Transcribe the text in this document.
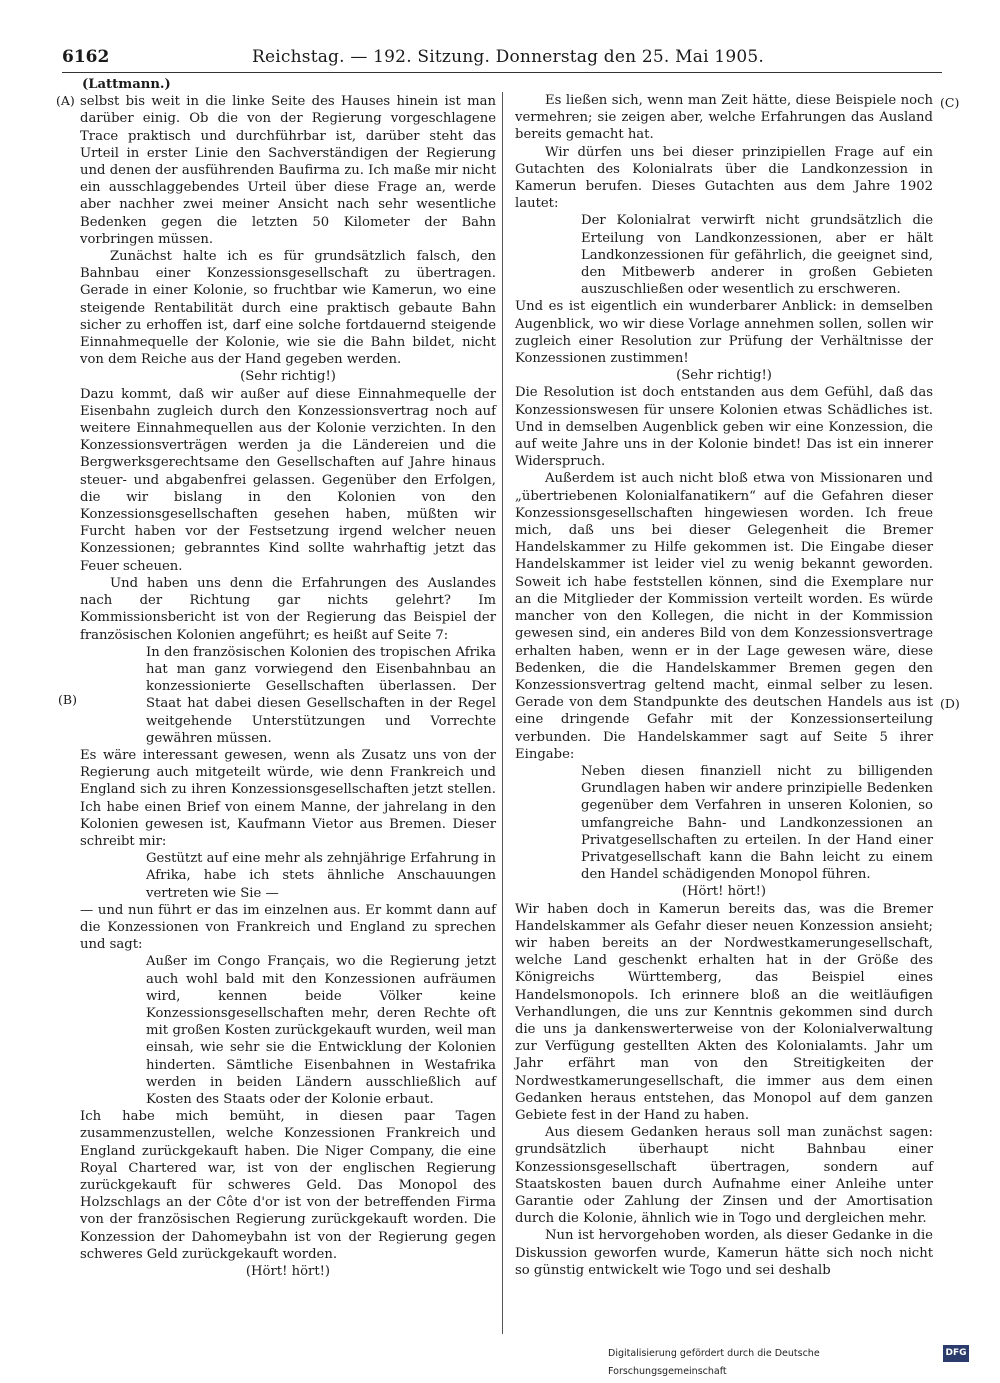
6162	Reichstag. — 192. Sitzung. Donnerstag den 25. Mai 1905.
(A)
(B)
(C)
(D)

(Lattmann.)

selbst bis weit in die linke Seite des Hauses hinein ist man darüber einig. Ob die von der Regierung vorgeschlagene Trace praktisch und durchführbar ist, darüber steht das Urteil in erster Linie den Sachverständigen der Regierung und denen der ausführenden Baufirma zu. Ich maße mir nicht ein ausschlaggebendes Urteil über diese Frage an, werde aber nachher zwei meiner Ansicht nach sehr wesentliche Bedenken gegen die letzten 50 Kilometer der Bahn vorbringen müssen.

Zunächst halte ich es für grundsätzlich falsch, den Bahnbau einer Konzessionsgesellschaft zu übertragen. Gerade in einer Kolonie, so fruchtbar wie Kamerun, wo eine steigende Rentabilität durch eine praktisch gebaute Bahn sicher zu erhoffen ist, darf eine solche fortdauernd steigende Einnahmequelle der Kolonie, wie sie die Bahn bildet, nicht von dem Reiche aus der Hand gegeben werden.

(Sehr richtig!)

Dazu kommt, daß wir außer auf diese Einnahmequelle der Eisenbahn zugleich durch den Konzessionsvertrag noch auf weitere Einnahmequellen aus der Kolonie verzichten. In den Konzessionsverträgen werden ja die Ländereien und die Bergwerksgerechtsame den Gesellschaften auf Jahre hinaus steuer- und abgabenfrei gelassen. Gegenüber den Erfolgen, die wir bislang in den Kolonien von den Konzessionsgesellschaften gesehen haben, müßten wir Furcht haben vor der Festsetzung irgend welcher neuen Konzessionen; gebranntes Kind sollte wahrhaftig jetzt das Feuer scheuen.

Und haben uns denn die Erfahrungen des Auslandes nach der Richtung gar nichts gelehrt? Im Kommissionsbericht ist von der Regierung das Beispiel der französischen Kolonien angeführt; es heißt auf Seite 7:

In den französischen Kolonien des tropischen Afrika hat man ganz vorwiegend den Eisenbahnbau an konzessionierte Gesellschaften überlassen. Der Staat hat dabei diesen Gesellschaften in der Regel weitgehende Unterstützungen und Vorrechte gewähren müssen.

Es wäre interessant gewesen, wenn als Zusatz uns von der Regierung auch mitgeteilt würde, wie denn Frankreich und England sich zu ihren Konzessionsgesellschaften jetzt stellen. Ich habe einen Brief von einem Manne, der jahrelang in den Kolonien gewesen ist, Kaufmann Vietor aus Bremen. Dieser schreibt mir:

Gestützt auf eine mehr als zehnjährige Erfahrung in Afrika, habe ich stets ähnliche Anschauungen vertreten wie Sie —

— und nun führt er das im einzelnen aus. Er kommt dann auf die Konzessionen von Frankreich und England zu sprechen und sagt:

Außer im Congo Français, wo die Regierung jetzt auch wohl bald mit den Konzessionen aufräumen wird, kennen beide Völker keine Konzessionsgesellschaften mehr, deren Rechte oft mit großen Kosten zurückgekauft wurden, weil man einsah, wie sehr sie die Entwicklung der Kolonien hinderten. Sämtliche Eisenbahnen in Westafrika werden in beiden Ländern ausschließlich auf Kosten des Staats oder der Kolonie erbaut.

Ich habe mich bemüht, in diesen paar Tagen zusammenzustellen, welche Konzessionen Frankreich und England zurückgekauft haben. Die Niger Company, die eine Royal Chartered war, ist von der englischen Regierung zurückgekauft für schweres Geld. Das Monopol des Holzschlags an der Côte d'or ist von der betreffenden Firma von der französischen Regierung zurückgekauft worden. Die Konzession der Dahomeybahn ist von der Regierung gegen schweres Geld zurückgekauft worden.

(Hört! hört!)

Es ließen sich, wenn man Zeit hätte, diese Beispiele noch vermehren; sie zeigen aber, welche Erfahrungen das Ausland bereits gemacht hat.

Wir dürfen uns bei dieser prinzipiellen Frage auf ein Gutachten des Kolonialrats über die Landkonzession in Kamerun berufen. Dieses Gutachten aus dem Jahre 1902 lautet:

Der Kolonialrat verwirft nicht grundsätzlich die Erteilung von Landkonzessionen, aber er hält Landkonzessionen für gefährlich, die geeignet sind, den Mitbewerb anderer in großen Gebieten auszuschließen oder wesentlich zu erschweren.

Und es ist eigentlich ein wunderbarer Anblick: in demselben Augenblick, wo wir diese Vorlage annehmen sollen, sollen wir zugleich einer Resolution zur Prüfung der Verhältnisse der Konzessionen zustimmen!

(Sehr richtig!)

Die Resolution ist doch entstanden aus dem Gefühl, daß das Konzessionswesen für unsere Kolonien etwas Schädliches ist. Und in demselben Augenblick geben wir eine Konzession, die auf weite Jahre uns in der Kolonie bindet! Das ist ein innerer Widerspruch.

Außerdem ist auch nicht bloß etwa von Missionaren und „übertriebenen Kolonialfanatikern“ auf die Gefahren dieser Konzessionsgesellschaften hingewiesen worden. Ich freue mich, daß uns bei dieser Gelegenheit die Bremer Handelskammer zu Hilfe gekommen ist. Die Eingabe dieser Handelskammer ist leider viel zu wenig bekannt geworden. Soweit ich habe feststellen können, sind die Exemplare nur an die Mitglieder der Kommission verteilt worden. Es würde mancher von den Kollegen, die nicht in der Kommission gewesen sind, ein anderes Bild von dem Konzessionsvertrage erhalten haben, wenn er in der Lage gewesen wäre, diese Bedenken, die die Handelskammer Bremen gegen den Konzessionsvertrag geltend macht, einmal selber zu lesen. Gerade von dem Standpunkte des deutschen Handels aus ist eine dringende Gefahr mit der Konzessionserteilung verbunden. Die Handelskammer sagt auf Seite 5 ihrer Eingabe:

Neben diesen finanziell nicht zu billigenden Grundlagen haben wir andere prinzipielle Bedenken gegenüber dem Verfahren in unseren Kolonien, so umfangreiche Bahn- und Landkonzessionen an Privatgesellschaften zu erteilen. In der Hand einer Privatgesellschaft kann die Bahn leicht zu einem den Handel schädigenden Monopol führen.

(Hört! hört!)

Wir haben doch in Kamerun bereits das, was die Bremer Handelskammer als Gefahr dieser neuen Konzession ansieht; wir haben bereits an der Nordwestkamerungesellschaft, welche Land geschenkt erhalten hat in der Größe des Königreichs Württemberg, das Beispiel eines Handelsmonopols. Ich erinnere bloß an die weitläufigen Verhandlungen, die uns zur Kenntnis gekommen sind durch die uns ja dankenswerterweise von der Kolonialverwaltung zur Verfügung gestellten Akten des Kolonialamts. Jahr um Jahr erfährt man von den Streitigkeiten der Nordwestkamerungesellschaft, die immer aus dem einen Gedanken heraus entstehen, das Monopol auf dem ganzen Gebiete fest in der Hand zu haben.

Aus diesem Gedanken heraus soll man zunächst sagen: grundsätzlich überhaupt nicht Bahnbau einer Konzessionsgesellschaft übertragen, sondern auf Staatskosten bauen durch Aufnahme einer Anleihe unter Garantie oder Zahlung der Zinsen und der Amortisation durch die Kolonie, ähnlich wie in Togo und dergleichen mehr.

Nun ist hervorgehoben worden, als dieser Gedanke in die Diskussion geworfen wurde, Kamerun hätte sich noch nicht so günstig entwickelt wie Togo und sei deshalb

Digitalisierung gefördert durch die Deutsche Forschungsgemeinschaft
DFG
